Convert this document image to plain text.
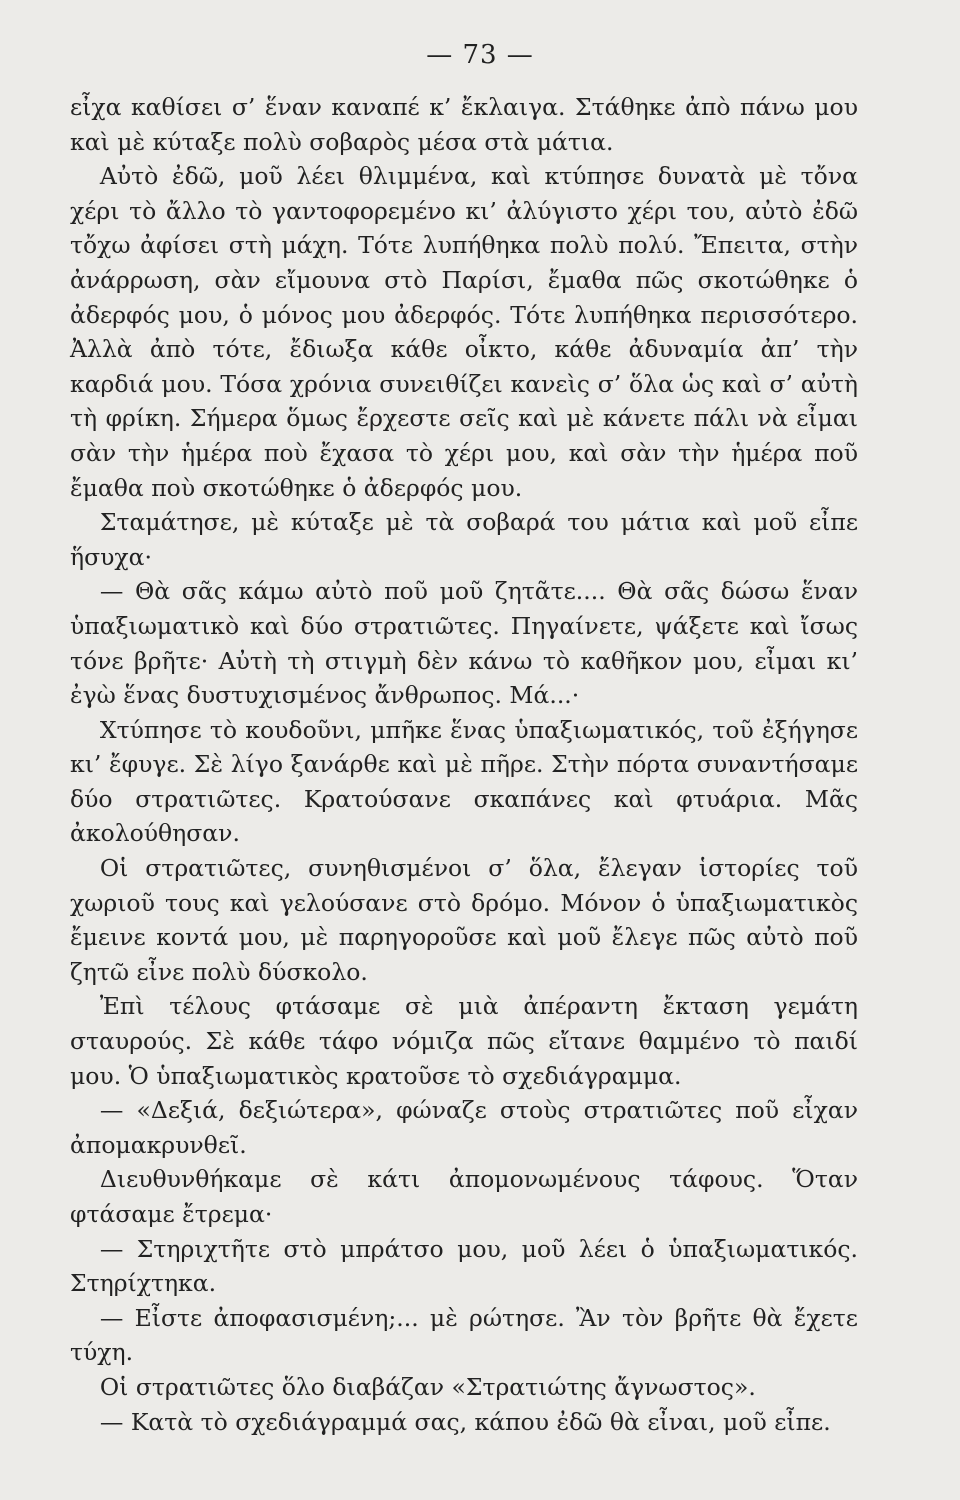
— 73 —

εἶχα καθίσει σ’ ἕναν καναπέ κ’ ἔκλαιγα. Στάθηκε ἀπὸ πάνω μου καὶ μὲ κύταξε πολὺ σοβαρὸς μέσα στὰ μάτια.

Αὐτὸ ἐδῶ, μοῦ λέει θλιμμένα, καὶ κτύπησε δυνατὰ μὲ τὄνα χέρι τὸ ἄλλο τὸ γαντοφορεμένο κι’ ἀλύγιστο χέρι του, αὐτὸ ἐδῶ τὄχω ἀφίσει στὴ μάχη. Τότε λυπήθηκα πολὺ πολύ. Ἔπειτα, στὴν ἀνάρρωση, σὰν εἴμουνα στὸ Παρίσι, ἔμαθα πῶς σκοτώθηκε ὁ ἀδερφός μου, ὁ μόνος μου ἀδερφός. Τότε λυπήθηκα περισσότερο. Ἀλλὰ ἀπὸ τότε, ἔδιωξα κάθε οἶκτο, κάθε ἀδυναμία ἀπ’ τὴν καρδιά μου. Τόσα χρόνια συνειθίζει κανεὶς σ’ ὅλα ὡς καὶ σ’ αὐτὴ τὴ φρίκη. Σήμερα ὅμως ἔρχεστε σεῖς καὶ μὲ κάνετε πάλι νὰ εἶμαι σὰν τὴν ἡμέρα ποὺ ἔχασα τὸ χέρι μου, καὶ σὰν τὴν ἡμέρα ποῦ ἔμαθα ποὺ σκοτώθηκε ὁ ἀδερφός μου.

Σταμάτησε, μὲ κύταξε μὲ τὰ σοβαρά του μάτια καὶ μοῦ εἶπε ἥσυχα·

— Θὰ σᾶς κάμω αὐτὸ ποῦ μοῦ ζητᾶτε.... Θὰ σᾶς δώσω ἕναν ὑπαξιωματικὸ καὶ δύο στρατιῶτες. Πηγαίνετε, ψάξετε καὶ ἴσως τόνε βρῆτε· Αὐτὴ τὴ στιγμὴ δὲν κάνω τὸ καθῆκον μου, εἶμαι κι’ ἐγὼ ἕνας δυστυχισμένος ἄνθρωπος. Μά...·

Χτύπησε τὸ κουδοῦνι, μπῆκε ἕνας ὑπαξιωματικός, τοῦ ἐξήγησε κι’ ἔφυγε. Σὲ λίγο ξανάρθε καὶ μὲ πῆρε. Στὴν πόρτα συναντήσαμε δύο στρατιῶτες. Κρατούσανε σκαπάνες καὶ φτυάρια. Μᾶς ἀκολούθησαν.

Οἱ στρατιῶτες, συνηθισμένοι σ’ ὅλα, ἔλεγαν ἱστορίες τοῦ χωριοῦ τους καὶ γελούσανε στὸ δρόμο. Μόνον ὁ ὑπαξιωματικὸς ἔμεινε κοντά μου, μὲ παρηγοροῦσε καὶ μοῦ ἔλεγε πῶς αὐτὸ ποῦ ζητῶ εἶνε πολὺ δύσκολο.

Ἐπὶ τέλους φτάσαμε σὲ μιὰ ἀπέραντη ἔκταση γεμάτη σταυρούς. Σὲ κάθε τάφο νόμιζα πῶς εἴτανε θαμμένο τὸ παιδί μου. Ὁ ὑπαξιωματικὸς κρατοῦσε τὸ σχεδιάγραμμα.

— «Δεξιά, δεξιώτερα», φώναζε στοὺς στρατιῶτες ποῦ εἶχαν ἀπομακρυνθεῖ.

Διευθυνθήκαμε σὲ κάτι ἀπομονωμένους τάφους. Ὅταν φτάσαμε ἔτρεμα·

— Στηριχτῆτε στὸ μπράτσο μου, μοῦ λέει ὁ ὑπαξιωματικός. Στηρίχτηκα.

— Εἶστε ἀποφασισμένη;... μὲ ρώτησε. Ἂν τὸν βρῆτε θὰ ἔχετε τύχη.

Οἱ στρατιῶτες ὅλο διαβάζαν «Στρατιώτης ἄγνωστος».

— Κατὰ τὸ σχεδιάγραμμά σας, κάπου ἐδῶ θὰ εἶναι, μοῦ εἶπε.
